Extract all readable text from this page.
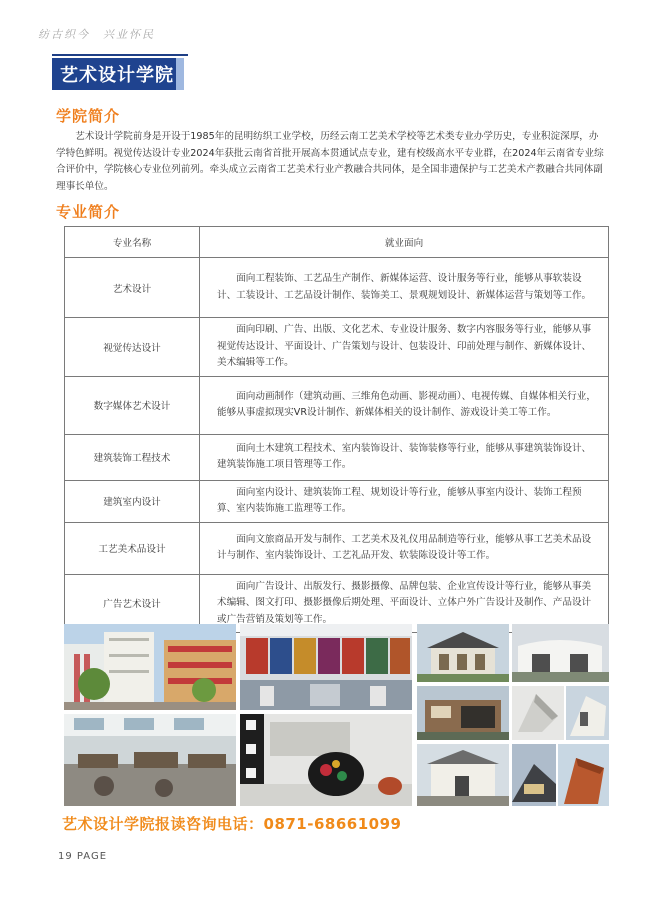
纺古织今　兴业怀民
艺术设计学院
学院简介

艺术设计学院前身是开设于1985年的昆明纺织工业学校，历经云南工艺美术学校等艺术类专业办学历史，专业积淀深厚，办学特色鲜明。视觉传达设计专业2024年获批云南省首批开展高本贯通试点专业，建有校级高水平专业群，在2024年云南省专业综合评价中，学院核心专业位列前列。牵头成立云南省工艺美术行业产教融合共同体，是全国非遗保护与工艺美术产教融合共同体副理事长单位。

专业简介
专业名称	就业面向
艺术设计	面向工程装饰、工艺品生产制作、新媒体运营、设计服务等行业，能够从事软装设计、工装设计、工艺品设计制作、装饰美工、景观规划设计、新媒体运营与策划等工作。
视觉传达设计	面向印刷、广告、出版、文化艺术、专业设计服务、数字内容服务等行业，能够从事视觉传达设计、平面设计、广告策划与设计、包装设计、印前处理与制作、新媒体设计、美术编辑等工作。
数字媒体艺术设计	面向动画制作（建筑动画、三维角色动画、影视动画）、电视传媒、自媒体相关行业，能够从事虚拟现实VR设计制作、新媒体相关的设计制作、游戏设计美工等工作。
建筑装饰工程技术	面向土木建筑工程技术、室内装饰设计、装饰装修等行业，能够从事建筑装饰设计、建筑装饰施工项目管理等工作。
建筑室内设计	面向室内设计、建筑装饰工程、规划设计等行业，能够从事室内设计、装饰工程预算、室内装饰施工监理等工作。
工艺美术品设计	面向文旅商品开发与制作、工艺美术及礼仪用品制造等行业，能够从事工艺美术品设计与制作、室内装饰设计、工艺礼品开发、软装陈设设计等工作。
广告艺术设计	面向广告设计、出版发行、摄影摄像、品牌包装、企业宣传设计等行业，能够从事美术编辑、图文打印、摄影摄像后期处理、平面设计、立体户外广告设计及制作、产品设计或广告营销及策划等工作。
艺术设计学院报读咨询电话：0871-68661099
19 PAGE
